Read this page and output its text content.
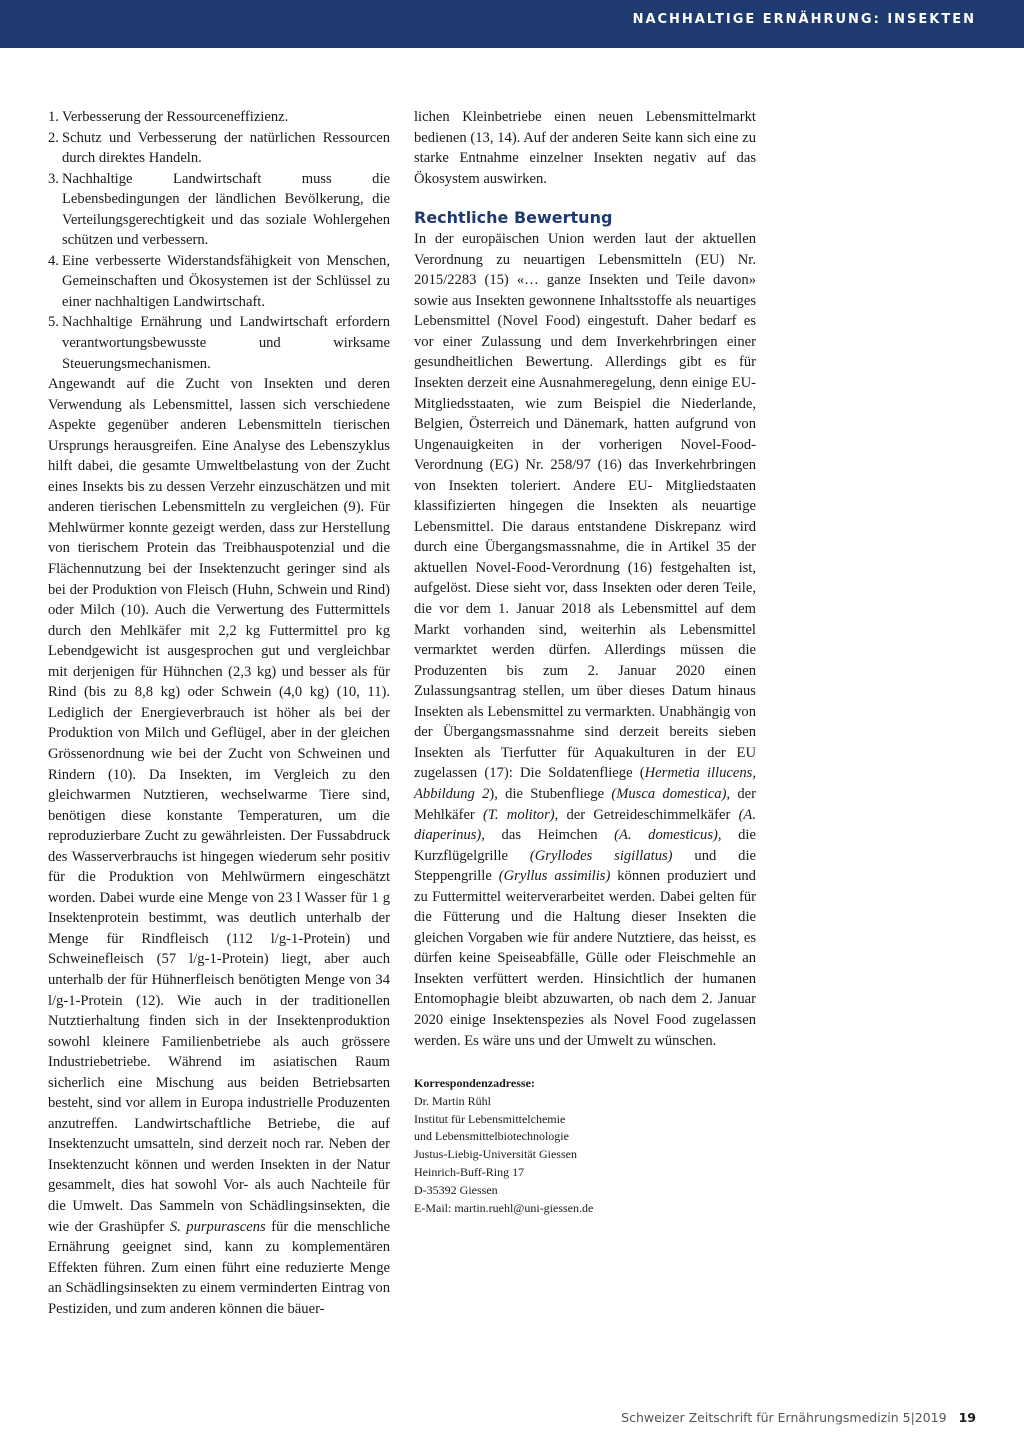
NACHHALTIGE ERNÄHRUNG: INSEKTEN
1. Verbesserung der Ressourceneffizienz.
2. Schutz und Verbesserung der natürlichen Ressourcen durch direktes Handeln.
3. Nachhaltige Landwirtschaft muss die Lebensbedingungen der ländlichen Bevölkerung, die Verteilungsgerechtigkeit und das soziale Wohlergehen schützen und verbessern.
4. Eine verbesserte Widerstandsfähigkeit von Menschen, Gemeinschaften und Ökosystemen ist der Schlüssel zu einer nachhaltigen Landwirtschaft.
5. Nachhaltige Ernährung und Landwirtschaft erfordern verantwortungsbewusste und wirksame Steuerungsmechanismen.

Angewandt auf die Zucht von Insekten und deren Verwendung als Lebensmittel, lassen sich verschiedene Aspekte gegenüber anderen Lebensmitteln tierischen Ursprungs herausgreifen. Eine Analyse des Lebenszyklus hilft dabei, die gesamte Umweltbelastung von der Zucht eines Insekts bis zu dessen Verzehr einzuschätzen und mit anderen tierischen Lebensmitteln zu vergleichen (9). Für Mehlwürmer konnte gezeigt werden, dass zur Herstellung von tierischem Protein das Treibhauspotenzial und die Flächennutzung bei der Insektenzucht geringer sind als bei der Produktion von Fleisch (Huhn, Schwein und Rind) oder Milch (10). Auch die Verwertung des Futtermittels durch den Mehlkäfer mit 2,2 kg Futtermittel pro kg Lebendgewicht ist ausgesprochen gut und vergleichbar mit derjenigen für Hühnchen (2,3 kg) und besser als für Rind (bis zu 8,8 kg) oder Schwein (4,0 kg) (10, 11). Lediglich der Energieverbrauch ist höher als bei der Produktion von Milch und Geflügel, aber in der gleichen Grössenordnung wie bei der Zucht von Schweinen und Rindern (10). Da Insekten, im Vergleich zu den gleichwarmen Nutztieren, wechselwarme Tiere sind, benötigen diese konstante Temperaturen, um die reproduzierbare Zucht zu gewährleisten. Der Fussabdruck des Wasserverbrauchs ist hingegen wiederum sehr positiv für die Produktion von Mehlwürmern eingeschätzt worden. Dabei wurde eine Menge von 23 l Wasser für 1 g Insektenprotein bestimmt, was deutlich unterhalb der Menge für Rindfleisch (112 l/g-1-Protein) und Schweinefleisch (57 l/g-1-Protein) liegt, aber auch unterhalb der für Hühnerfleisch benötigten Menge von 34 l/g-1-Protein (12). Wie auch in der traditionellen Nutztierhaltung finden sich in der Insektenproduktion sowohl kleinere Familienbetriebe als auch grössere Industriebetriebe. Während im asiatischen Raum sicherlich eine Mischung aus beiden Betriebsarten besteht, sind vor allem in Europa industrielle Produzenten anzutreffen. Landwirtschaftliche Betriebe, die auf Insektenzucht umsatteln, sind derzeit noch rar. Neben der Insektenzucht können und werden Insekten in der Natur gesammelt, dies hat sowohl Vor- als auch Nachteile für die Umwelt. Das Sammeln von Schädlingsinsekten, die wie der Grashüpfer S. purpurascens für die menschliche Ernährung geeignet sind, kann zu komplementären Effekten führen. Zum einen führt eine reduzierte Menge an Schädlingsinsekten zu einem verminderten Eintrag von Pestiziden, und zum anderen können die bäuer-

lichen Kleinbetriebe einen neuen Lebensmittelmarkt bedienen (13, 14). Auf der anderen Seite kann sich eine zu starke Entnahme einzelner Insekten negativ auf das Ökosystem auswirken.

Rechtliche Bewertung

In der europäischen Union werden laut der aktuellen Verordnung zu neuartigen Lebensmitteln (EU) Nr. 2015/2283 (15) «… ganze Insekten und Teile davon» sowie aus Insekten gewonnene Inhaltsstoffe als neuartiges Lebensmittel (Novel Food) eingestuft. Daher bedarf es vor einer Zulassung und dem Inverkehrbringen einer gesundheitlichen Bewertung. Allerdings gibt es für Insekten derzeit eine Ausnahmeregelung, denn einige EU-Mitgliedsstaaten, wie zum Beispiel die Niederlande, Belgien, Österreich und Dänemark, hatten aufgrund von Ungenauigkeiten in der vorherigen Novel-Food-Verordnung (EG) Nr. 258/97 (16) das Inverkehrbringen von Insekten toleriert. Andere EU- Mitgliedstaaten klassifizierten hingegen die Insekten als neuartige Lebensmittel. Die daraus entstandene Diskrepanz wird durch eine Übergangsmassnahme, die in Artikel 35 der aktuellen Novel-Food-Verordnung (16) festgehalten ist, aufgelöst. Diese sieht vor, dass Insekten oder deren Teile, die vor dem 1. Januar 2018 als Lebensmittel auf dem Markt vorhanden sind, weiterhin als Lebensmittel vermarktet werden dürfen. Allerdings müssen die Produzenten bis zum 2. Januar 2020 einen Zulassungsantrag stellen, um über dieses Datum hinaus Insekten als Lebensmittel zu vermarkten. Unabhängig von der Übergangsmassnahme sind derzeit bereits sieben Insekten als Tierfutter für Aquakulturen in der EU zugelassen (17): Die Soldatenfliege (Hermetia illucens, Abbildung 2), die Stubenfliege (Musca domestica), der Mehlkäfer (T. molitor), der Getreideschimmelkäfer (A. diaperinus), das Heimchen (A. domesticus), die Kurzflügelgrille (Gryllodes sigillatus) und die Steppengrille (Gryllus assimilis) können produziert und zu Futtermittel weiterverarbeitet werden. Dabei gelten für die Fütterung und die Haltung dieser Insekten die gleichen Vorgaben wie für andere Nutztiere, das heisst, es dürfen keine Speiseabfälle, Gülle oder Fleischmehle an Insekten verfüttert werden. Hinsichtlich der humanen Entomophagie bleibt abzuwarten, ob nach dem 2. Januar 2020 einige Insektenspezies als Novel Food zugelassen werden. Es wäre uns und der Umwelt zu wünschen.

Korrespondenzadresse:
Dr. Martin Rühl
Institut für Lebensmittelchemie
und Lebensmittelbiotechnologie
Justus-Liebig-Universität Giessen
Heinrich-Buff-Ring 17
D-35392 Giessen
E-Mail: martin.ruehl@uni-giessen.de
Schweizer Zeitschrift für Ernährungsmedizin 5|2019 19
